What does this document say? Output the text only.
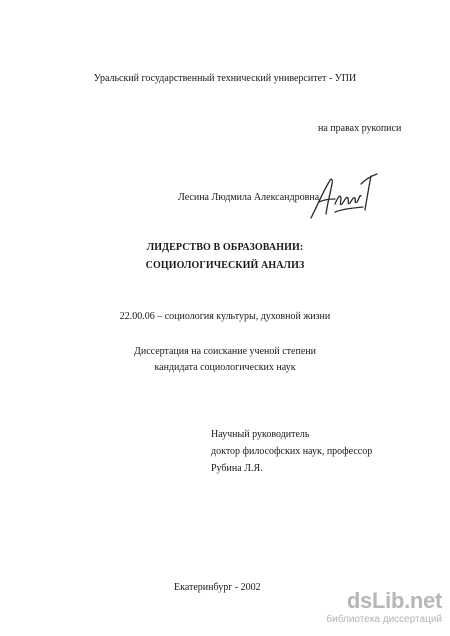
Уральский государственный технический университет - УПИ
на правах рукописи
Лесина Людмила Александровна
ЛИДЕРСТВО В ОБРАЗОВАНИИ:
СОЦИОЛОГИЧЕСКИЙ АНАЛИЗ
22.00.06 – социология культуры, духовной жизни
Диссертация на соискание ученой степени
кандидата социологических наук
Научный руководитель
доктор философских наук, профессор
Рубина Л.Я.
Екатеринбург - 2002
dsLib.net
библиотека диссертаций
